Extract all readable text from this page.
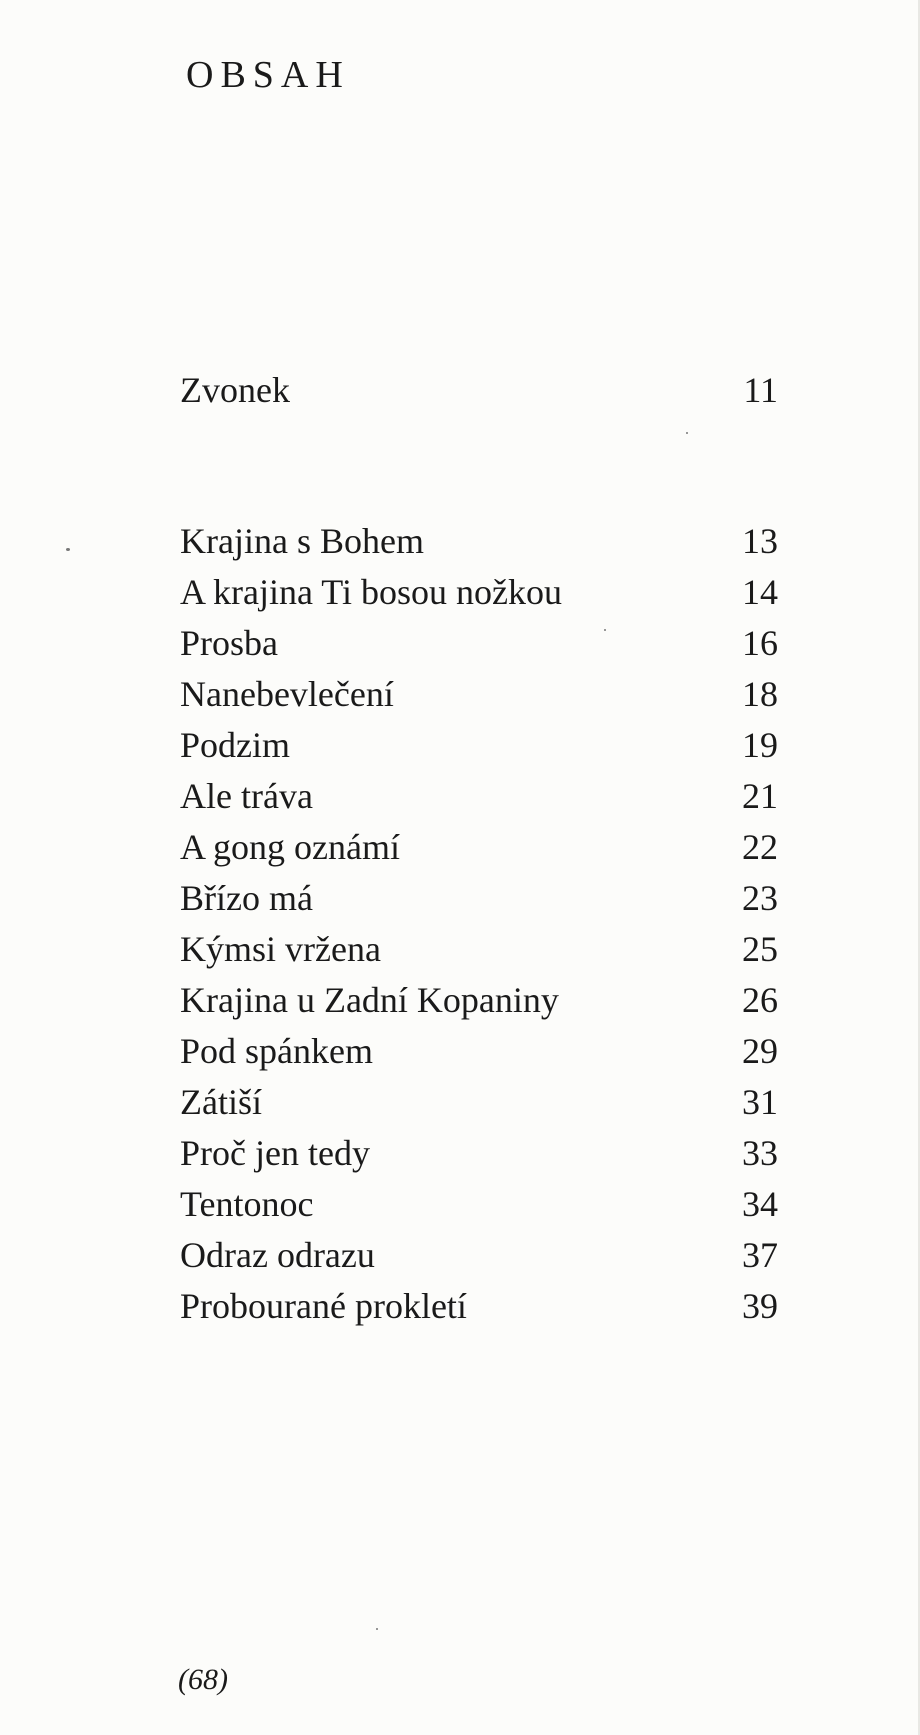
OBSAH
Zvonek	11
Krajina s Bohem	13
A krajina Ti bosou nožkou	14
Prosba	16
Nanebevlečení	18
Podzim	19
Ale tráva	21
A gong oznámí	22
Břízo má	23
Kýmsi vržena	25
Krajina u Zadní Kopaniny	26
Pod spánkem	29
Zátiší	31
Proč jen tedy	33
Tentonoc	34
Odraz odrazu	37
Probourané prokletí	39
(68)
